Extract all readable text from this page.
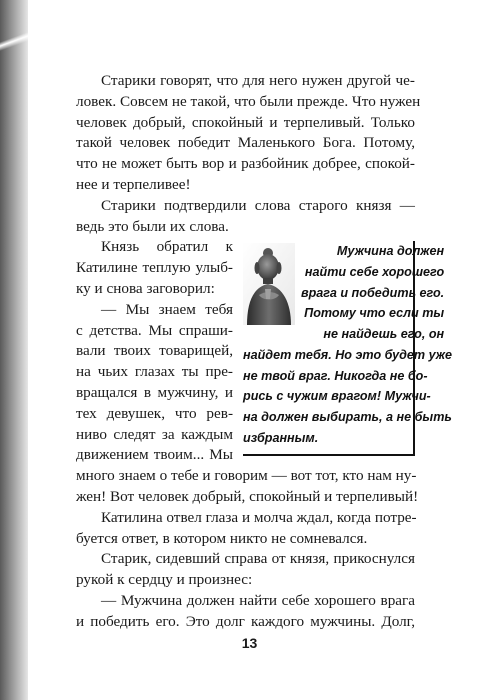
Старики говорят, что для него нужен другой че-
ловек. Совсем не такой, что были прежде. Что нужен
человек добрый, спокойный и терпеливый. Только
такой человек победит Маленького Бога. Потому,
что не может быть вор и разбойник добрее, спокой-
нее и терпеливее!

Старики подтвердили слова старого князя —
ведь это были их слова.

Мужчина должен
найти себе хорошего
врага и победить его.
Потому что если ты
не найдешь его, он
найдет тебя. Но это будет уже
не твой враг. Никогда не бо-
рись с чужим врагом! Мужчи-
на должен выбирать, а не быть
избранным.

Князь обратил к
Катилине теплую улыб-
ку и снова заговорил:
— Мы знаем тебя
с детства. Мы спраши-
вали твоих товарищей,
на чьих глазах ты пре-
вращался в мужчину, и
тех девушек, что рев-
ниво следят за каждым
движением твоим... Мы
много знаем о тебе и говорим — вот тот, кто нам ну-
жен! Вот человек добрый, спокойный и терпеливый!

Катилина отвел глаза и молча ждал, когда потре-
буется ответ, в котором никто не сомневался.

Старик, сидевший справа от князя, прикоснулся
рукой к сердцу и произнес:

— Мужчина должен найти себе хорошего врага
и победить его. Это долг каждого мужчины. Долг,

13
